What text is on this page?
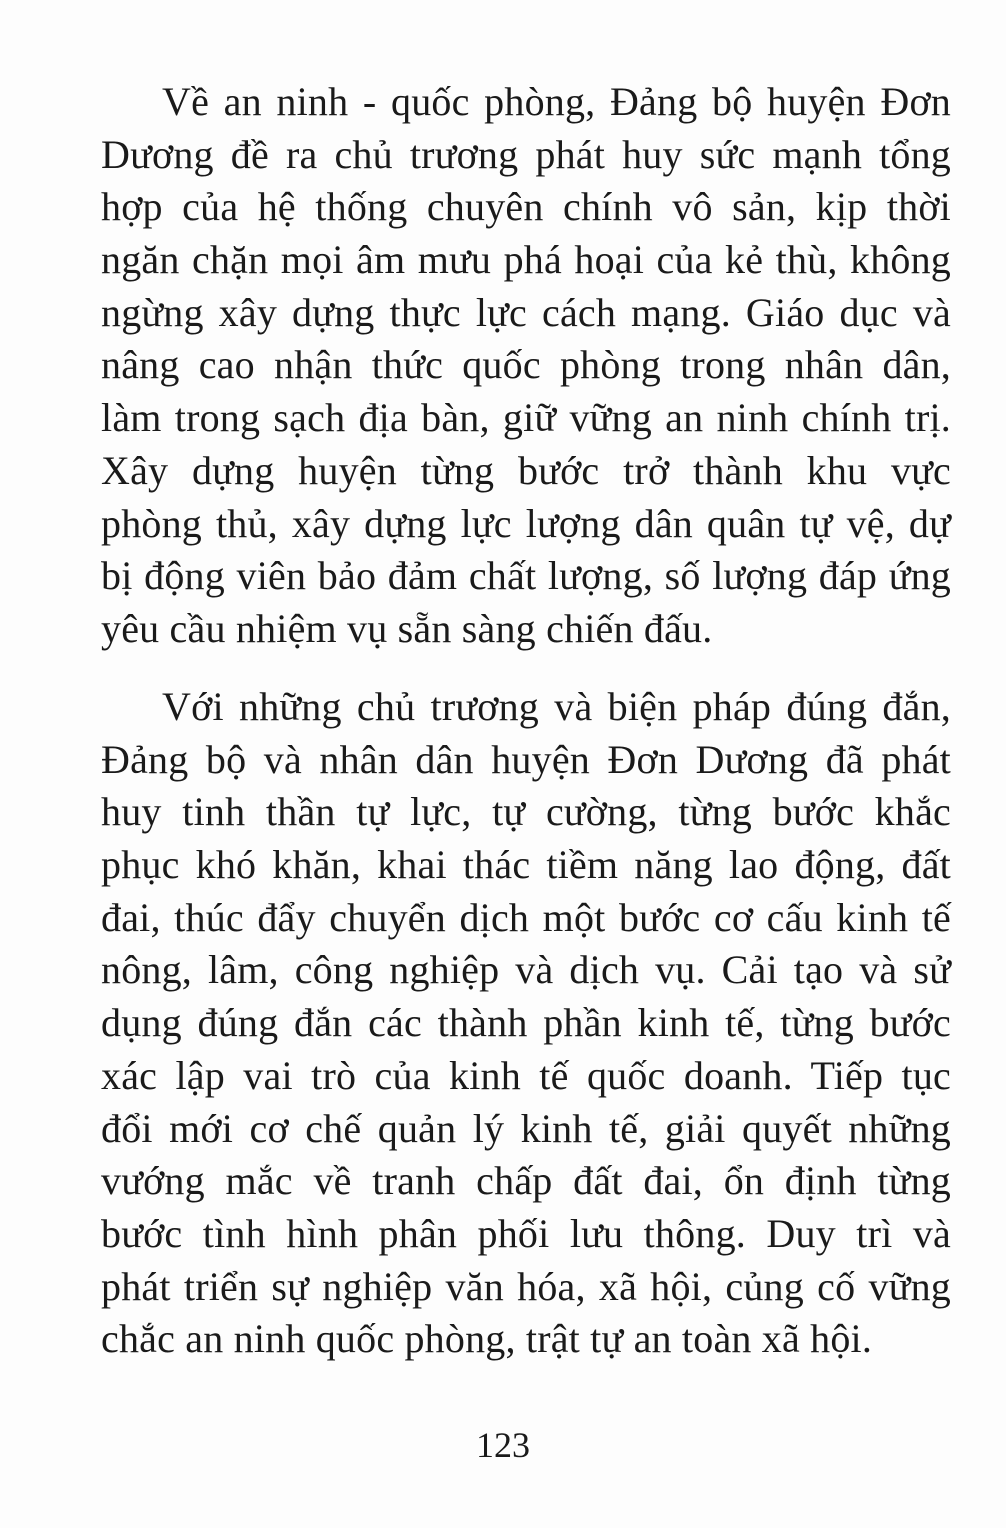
Về an ninh - quốc phòng, Đảng bộ huyện Đơn
Dương đề ra chủ trương phát huy sức mạnh tổng
hợp của hệ thống chuyên chính vô sản, kịp thời
ngăn chặn mọi âm mưu phá hoại của kẻ thù, không
ngừng xây dựng thực lực cách mạng. Giáo dục và
nâng cao nhận thức quốc phòng trong nhân dân,
làm trong sạch địa bàn, giữ vững an ninh chính trị.
Xây dựng huyện từng bước trở thành khu vực
phòng thủ, xây dựng lực lượng dân quân tự vệ, dự
bị động viên bảo đảm chất lượng, số lượng đáp ứng
yêu cầu nhiệm vụ sẵn sàng chiến đấu.
Với những chủ trương và biện pháp đúng đắn,
Đảng bộ và nhân dân huyện Đơn Dương đã phát
huy tinh thần tự lực, tự cường, từng bước khắc
phục khó khăn, khai thác tiềm năng lao động, đất
đai, thúc đẩy chuyển dịch một bước cơ cấu kinh tế
nông, lâm, công nghiệp và dịch vụ. Cải tạo và sử
dụng đúng đắn các thành phần kinh tế, từng bước
xác lập vai trò của kinh tế quốc doanh. Tiếp tục
đổi mới cơ chế quản lý kinh tế, giải quyết những
vướng mắc về tranh chấp đất đai, ổn định từng
bước tình hình phân phối lưu thông. Duy trì và
phát triển sự nghiệp văn hóa, xã hội, củng cố vững
chắc an ninh quốc phòng, trật tự an toàn xã hội.
123
